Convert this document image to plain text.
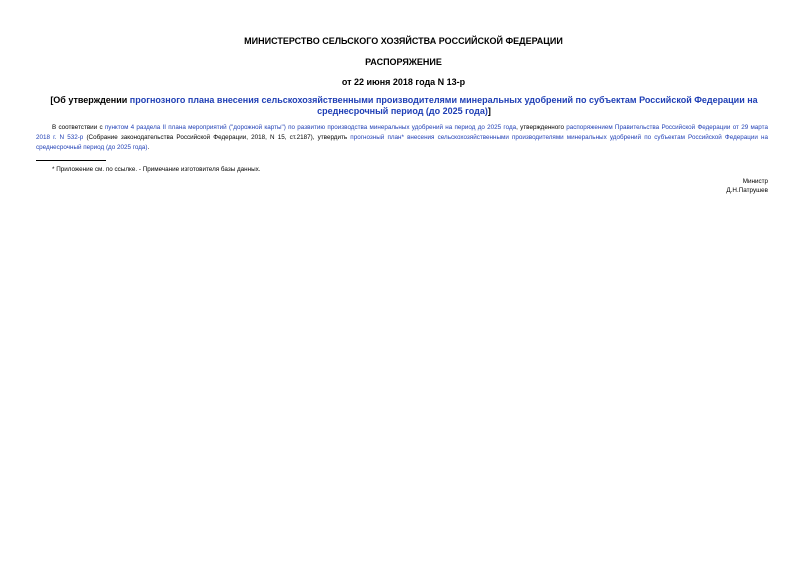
МИНИСТЕРСТВО СЕЛЬСКОГО ХОЗЯЙСТВА РОССИЙСКОЙ ФЕДЕРАЦИИ
РАСПОРЯЖЕНИЕ
от 22 июня 2018 года N 13-р
[Об утверждении прогнозного плана внесения сельскохозяйственными производителями минеральных удобрений по субъектам Российской Федерации на среднесрочный период (до 2025 года)]
В соответствии с пунктом 4 раздела II плана мероприятий ("дорожной карты") по развитию производства минеральных удобрений на период до 2025 года, утвержденного распоряжением Правительства Российской Федерации от 29 марта 2018 г. N 532-р (Собрание законодательства Российской Федерации, 2018, N 15, ст.2187), утвердить прогнозный план* внесения сельскохозяйственными производителями минеральных удобрений по субъектам Российской Федерации на среднесрочный период (до 2025 года).
* Приложение см. по ссылке. - Примечание изготовителя базы данных.
Министр
Д.Н.Патрушев
